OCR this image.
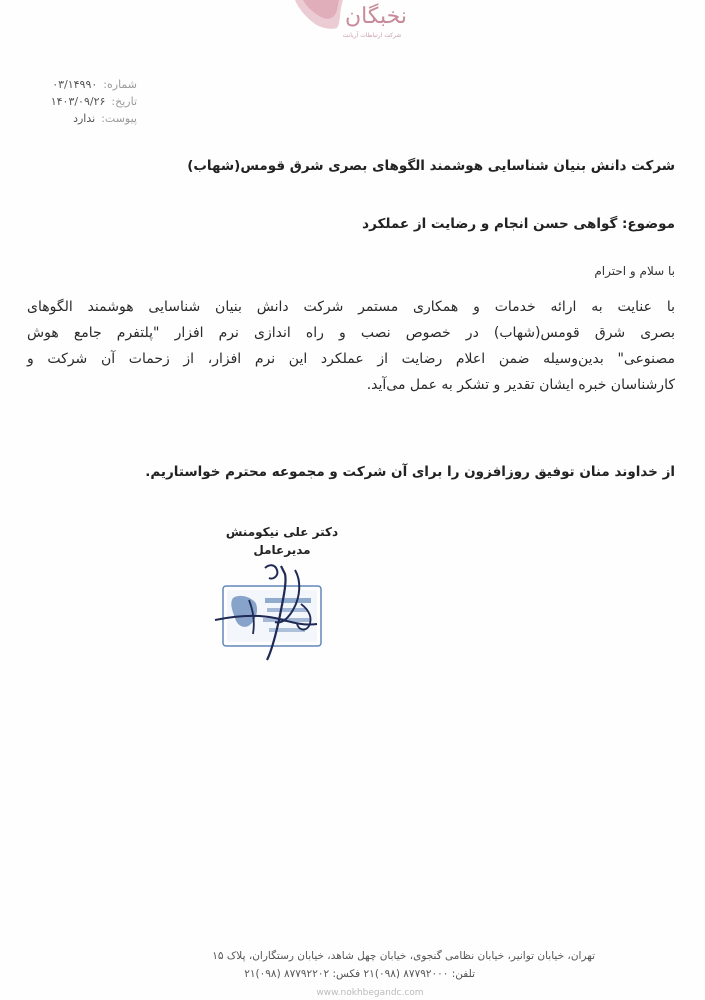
نخبگان
شرکت ارتباطات آریانت
شماره:
۰۳/۱۴۹۹۰
تاریخ:
۱۴۰۳/۰۹/۲۶
پیوست:
ندارد
شرکت دانش بنیان شناسایی هوشمند الگوهای بصری شرق قومس(شهاب)
موضوع: گواهی حسن انجام و رضایت از عملکرد
با سلام و احترام
با عنایت به ارائه خدمات و همکاری مستمر شرکت دانش بنیان شناسایی هوشمند الگوهای
بصری شرق قومس(شهاب) در خصوص نصب و راه اندازی نرم افزار "پلتفرم جامع هوش
مصنوعی" بدین‌وسیله ضمن اعلام رضایت از عملکرد این نرم افزار، از زحمات آن شرکت و
کارشناسان خبره ایشان تقدیر و تشکر به عمل می‌آید.
از خداوند منان توفیق روزافزون را برای آن شرکت و مجموعه محترم خواستاریم.
دکتر علی نیکومنش
مدیرعامل
تهران، خیابان توانیر، خیابان نظامی گنجوی، خیابان چهل شاهد، خیابان رستگاران، پلاک ۱۵
تلفن: ۸۷۷۹۲۰۰۰ (۰۹۸)۲۱ فکس: ۸۷۷۹۲۲۰۲ (۰۹۸)۲۱
www.nokhbegandc.com
